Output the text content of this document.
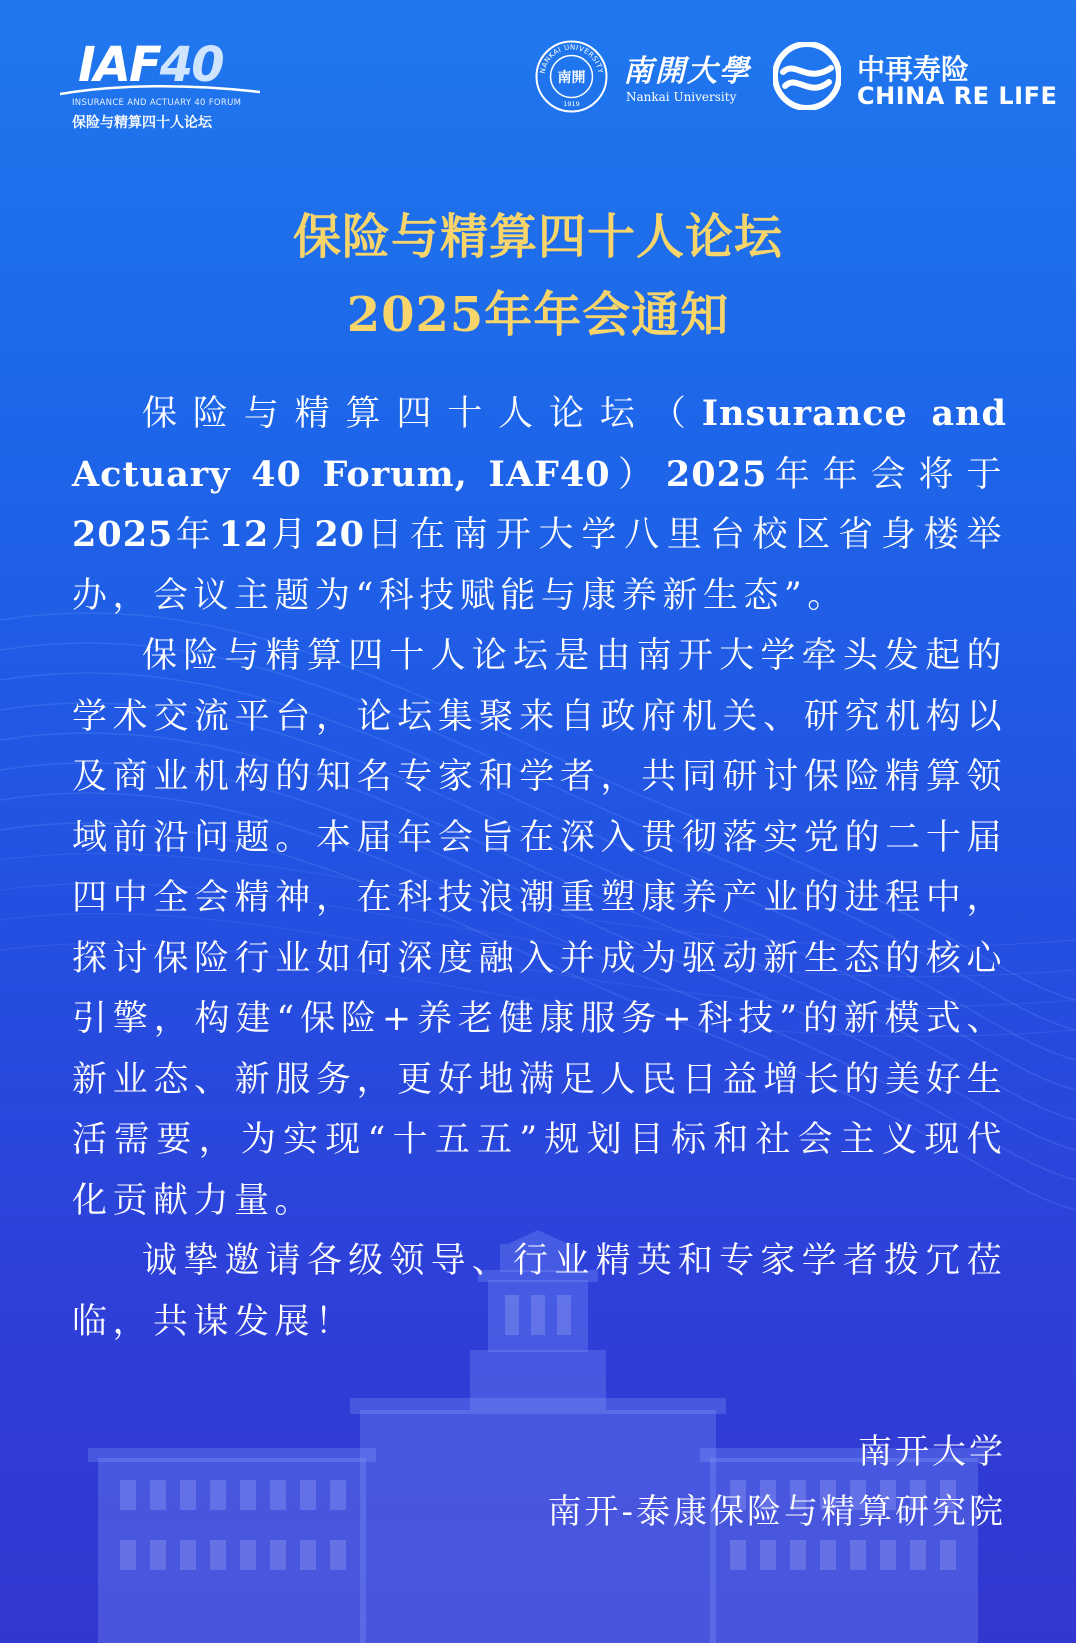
IAF40
INSURANCE AND ACTUARY 40 FORUM
保险与精算四十人论坛
NANKAI UNIVERSITY
南開
1919
南開大學
Nankai University
中再寿险
CHINA RE LIFE
保险与精算四十人论坛
2025年年会通知

保险与精算四十人论坛（Insurance and Actuary 40 Forum, IAF40）2025年年会将于2025年12月20日在南开大学八里台校区省身楼举办，会议主题为“科技赋能与康养新生态”。

保险与精算四十人论坛是由南开大学牵头发起的学术交流平台，论坛集聚来自政府机关、研究机构以及商业机构的知名专家和学者，共同研讨保险精算领域前沿问题。本届年会旨在深入贯彻落实党的二十届四中全会精神，在科技浪潮重塑康养产业的进程中，探讨保险行业如何深度融入并成为驱动新生态的核心引擎，构建“保险+养老健康服务+科技”的新模式、新业态、新服务，更好地满足人民日益增长的美好生活需要，为实现“十五五”规划目标和社会主义现代化贡献力量。

诚挚邀请各级领导、行业精英和专家学者拨冗莅临，共谋发展！

南开大学
南开-泰康保险与精算研究院
